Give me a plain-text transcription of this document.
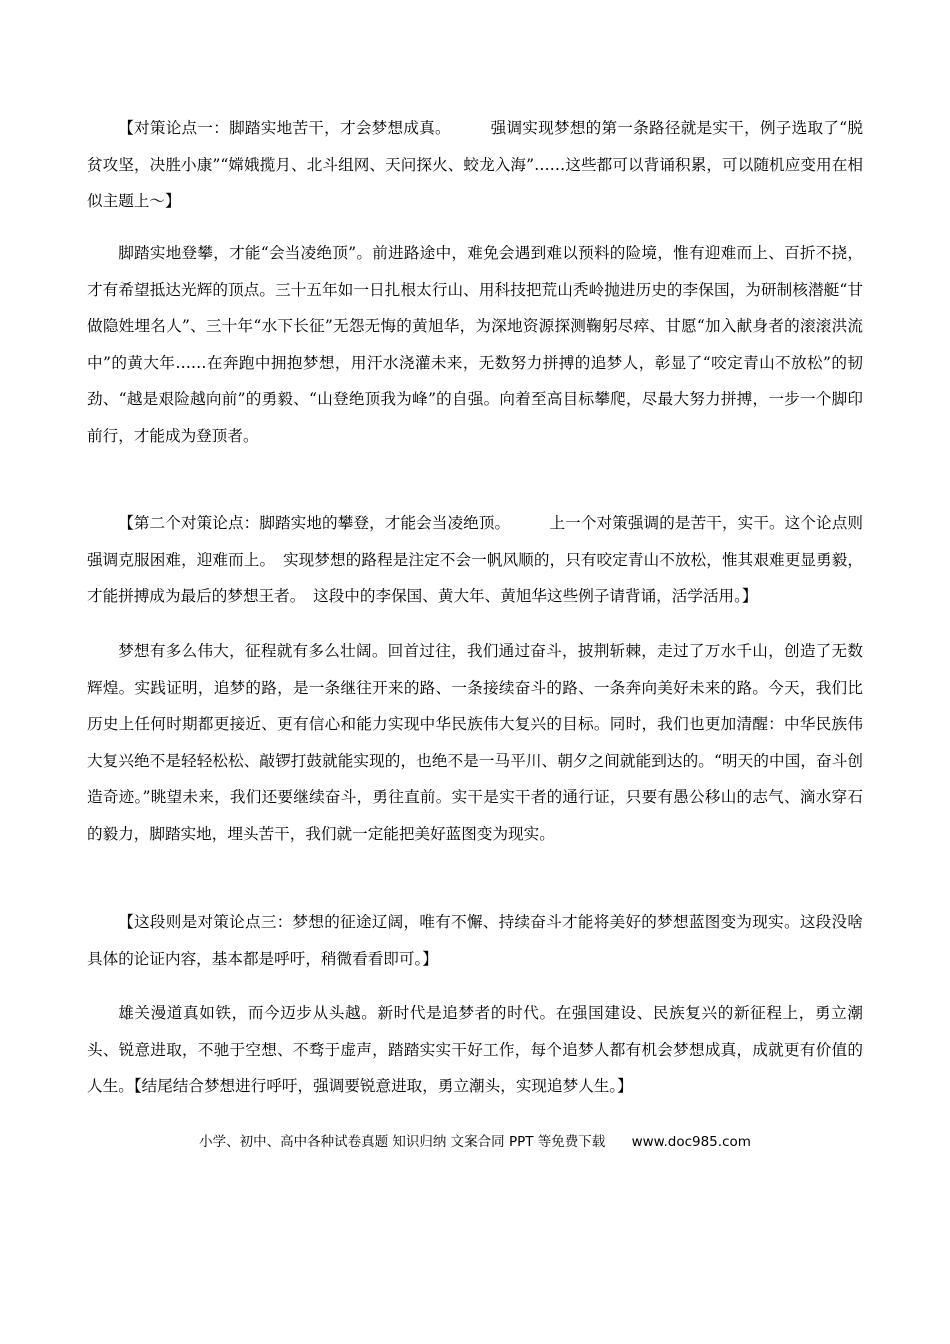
【对策论点一：脚踏实地苦干，才会梦想成真。　　　强调实现梦想的第一条路径就是实干，例子选取了“脱贫攻坚，决胜小康”“嫦娥揽月、北斗组网、天问探火、蛟龙入海”……这些都可以背诵积累，可以随机应变用在相似主题上～】

脚踏实地登攀，才能“会当凌绝顶”。前进路途中，难免会遇到难以预料的险境，惟有迎难而上、百折不挠，才有希望抵达光辉的顶点。三十五年如一日扎根太行山、用科技把荒山秃岭抛进历史的李保国，为研制核潜艇“甘做隐姓埋名人”、三十年“水下长征”无怨无悔的黄旭华，为深地资源探测鞠躬尽瘁、甘愿“加入献身者的滚滚洪流中”的黄大年……在奔跑中拥抱梦想，用汗水浇灌未来，无数努力拼搏的追梦人，彰显了“咬定青山不放松”的韧劲、“越是艰险越向前”的勇毅、“山登绝顶我为峰”的自强。向着至高目标攀爬，尽最大努力拼搏，一步一个脚印前行，才能成为登顶者。

【第二个对策论点：脚踏实地的攀登，才能会当凌绝顶。　　　上一个对策强调的是苦干，实干。这个论点则强调克服困难，迎难而上。　实现梦想的路程是注定不会一帆风顺的，只有咬定青山不放松，惟其艰难更显勇毅，才能拼搏成为最后的梦想王者。　这段中的李保国、黄大年、黄旭华这些例子请背诵，活学活用。】

梦想有多么伟大，征程就有多么壮阔。回首过往，我们通过奋斗，披荆斩棘，走过了万水千山，创造了无数辉煌。实践证明，追梦的路，是一条继往开来的路、一条接续奋斗的路、一条奔向美好未来的路。今天，我们比历史上任何时期都更接近、更有信心和能力实现中华民族伟大复兴的目标。同时，我们也更加清醒：中华民族伟大复兴绝不是轻轻松松、敲锣打鼓就能实现的，也绝不是一马平川、朝夕之间就能到达的。“明天的中国，奋斗创造奇迹。”眺望未来，我们还要继续奋斗，勇往直前。实干是实干者的通行证，只要有愚公移山的志气、滴水穿石的毅力，脚踏实地，埋头苦干，我们就一定能把美好蓝图变为现实。

【这段则是对策论点三：梦想的征途辽阔，唯有不懈、持续奋斗才能将美好的梦想蓝图变为现实。这段没啥具体的论证内容，基本都是呼吁，稍微看看即可。】

雄关漫道真如铁，而今迈步从头越。新时代是追梦者的时代。在强国建设、民族复兴的新征程上，勇立潮头、锐意进取，不驰于空想、不骛于虚声，踏踏实实干好工作，每个追梦人都有机会梦想成真，成就更有价值的人生。【结尾结合梦想进行呼吁，强调要锐意进取，勇立潮头，实现追梦人生。】

小学、初中、高中各种试卷真题 知识归纳 文案合同 PPT 等免费下载 www.doc985.com
